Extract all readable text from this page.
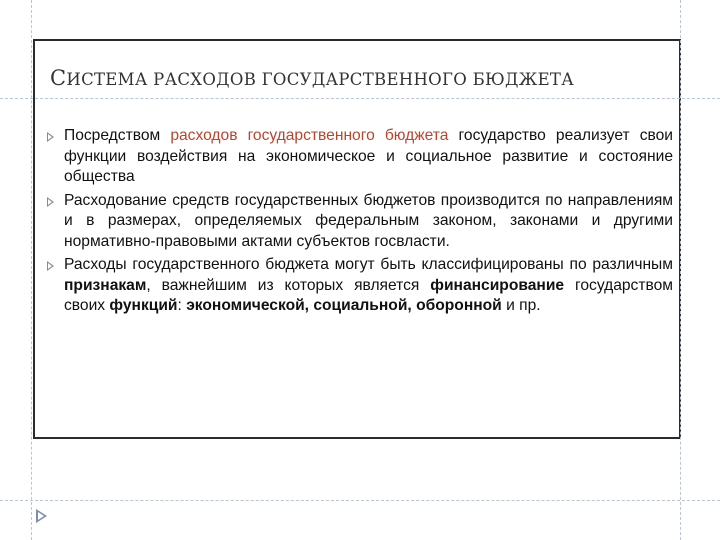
СИСТЕМА РАСХОДОВ ГОСУДАРСТВЕННОГО БЮДЖЕТА
Посредством расходов государственного бюджета государство реализует свои функции воздействия на экономическое и социальное развитие и состояние общества
Расходование средств государственных бюджетов производится по направлениям и в размерах, определяемых федеральным законом, законами и другими нормативно-правовыми актами субъектов госвласти.
Расходы государственного бюджета могут быть классифицированы по различным признакам, важнейшим из которых является финансирование государством своих функций: экономической, социальной, оборонной и пр.
